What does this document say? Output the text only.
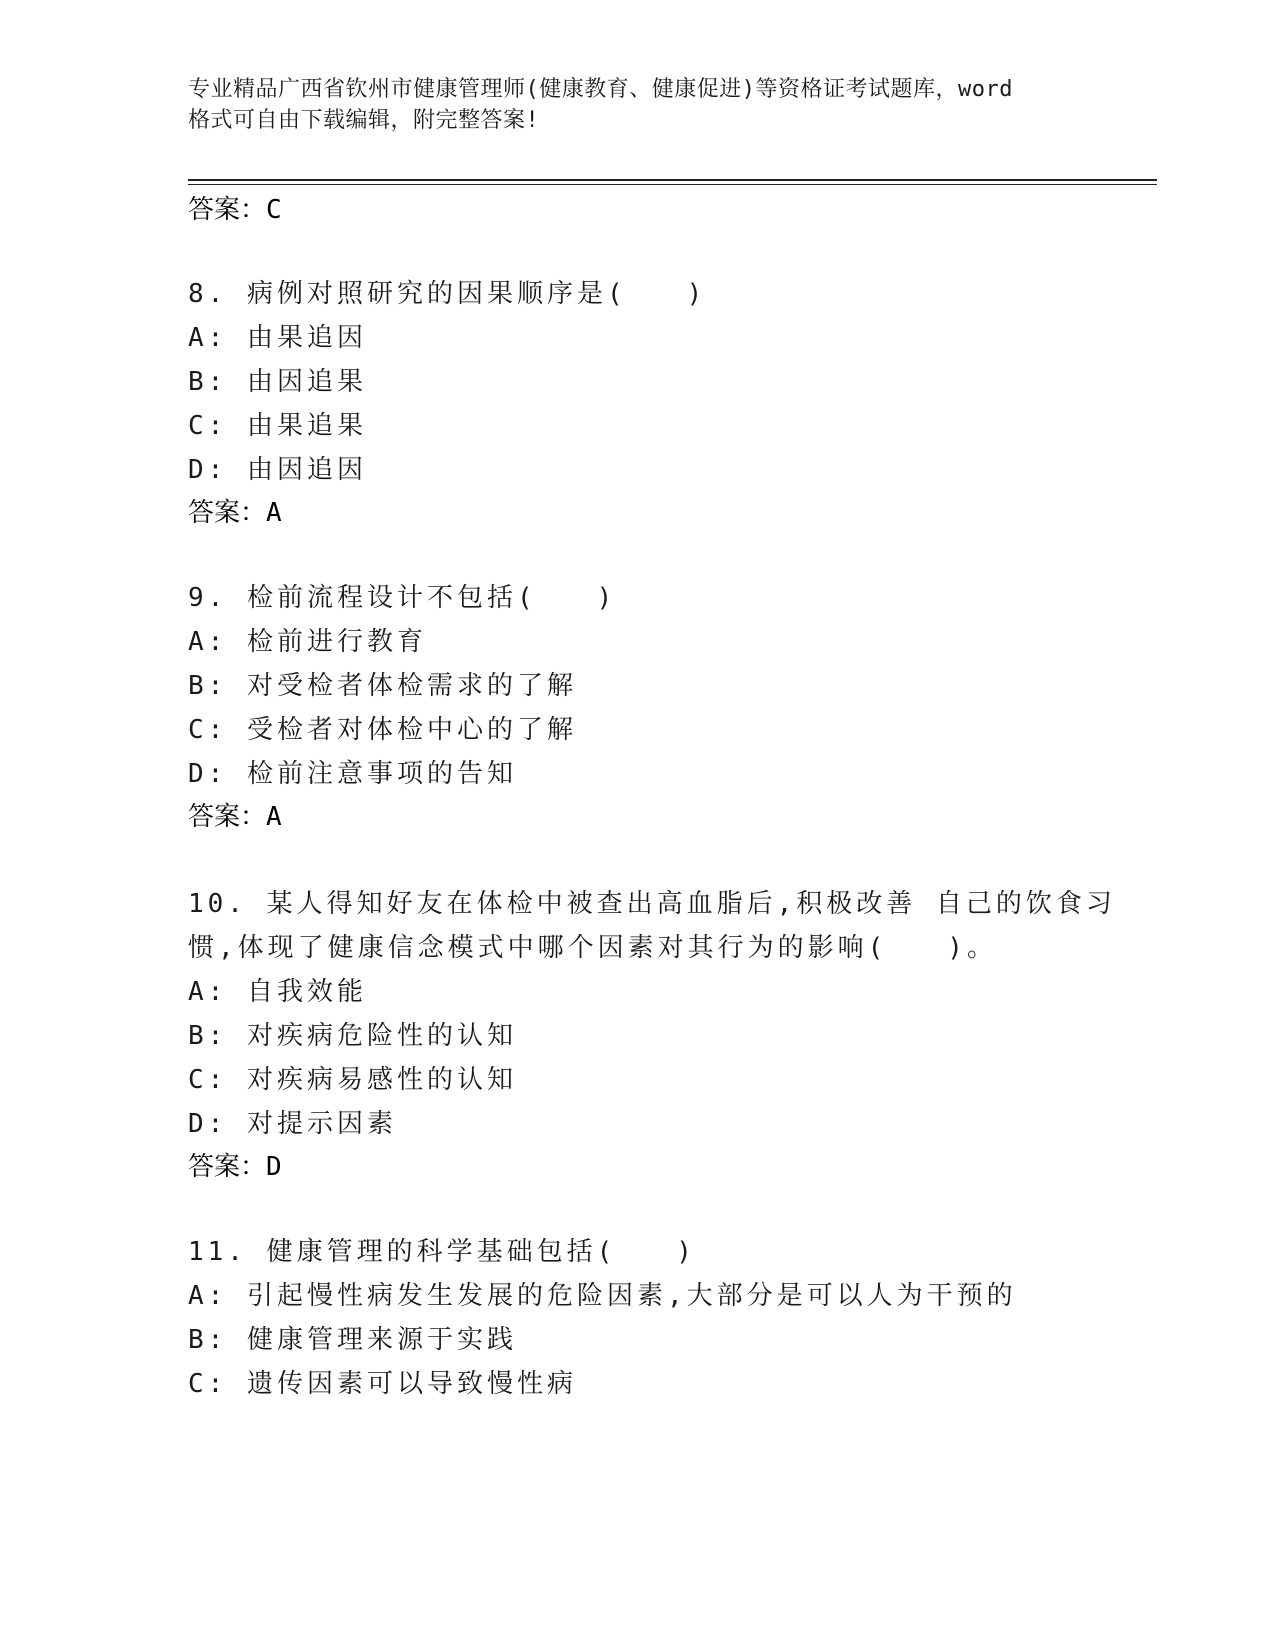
专业精品广西省钦州市健康管理师(健康教育、健康促进)等资格证考试题库，word
格式可自由下载编辑，附完整答案!
答案：C
8. 病例对照研究的因果顺序是(　　)
A: 由果追因
B: 由因追果
C: 由果追果
D: 由因追因
答案：A
9. 检前流程设计不包括(　　)
A: 检前进行教育
B: 对受检者体检需求的了解
C: 受检者对体检中心的了解
D: 检前注意事项的告知
答案：A
10. 某人得知好友在体检中被查出高血脂后,积极改善 自己的饮食习
惯,体现了健康信念模式中哪个因素对其行为的影响(　　)。
A: 自我效能
B: 对疾病危险性的认知
C: 对疾病易感性的认知
D: 对提示因素
答案：D
11. 健康管理的科学基础包括(　　)
A: 引起慢性病发生发展的危险因素,大部分是可以人为干预的
B: 健康管理来源于实践
C: 遗传因素可以导致慢性病
